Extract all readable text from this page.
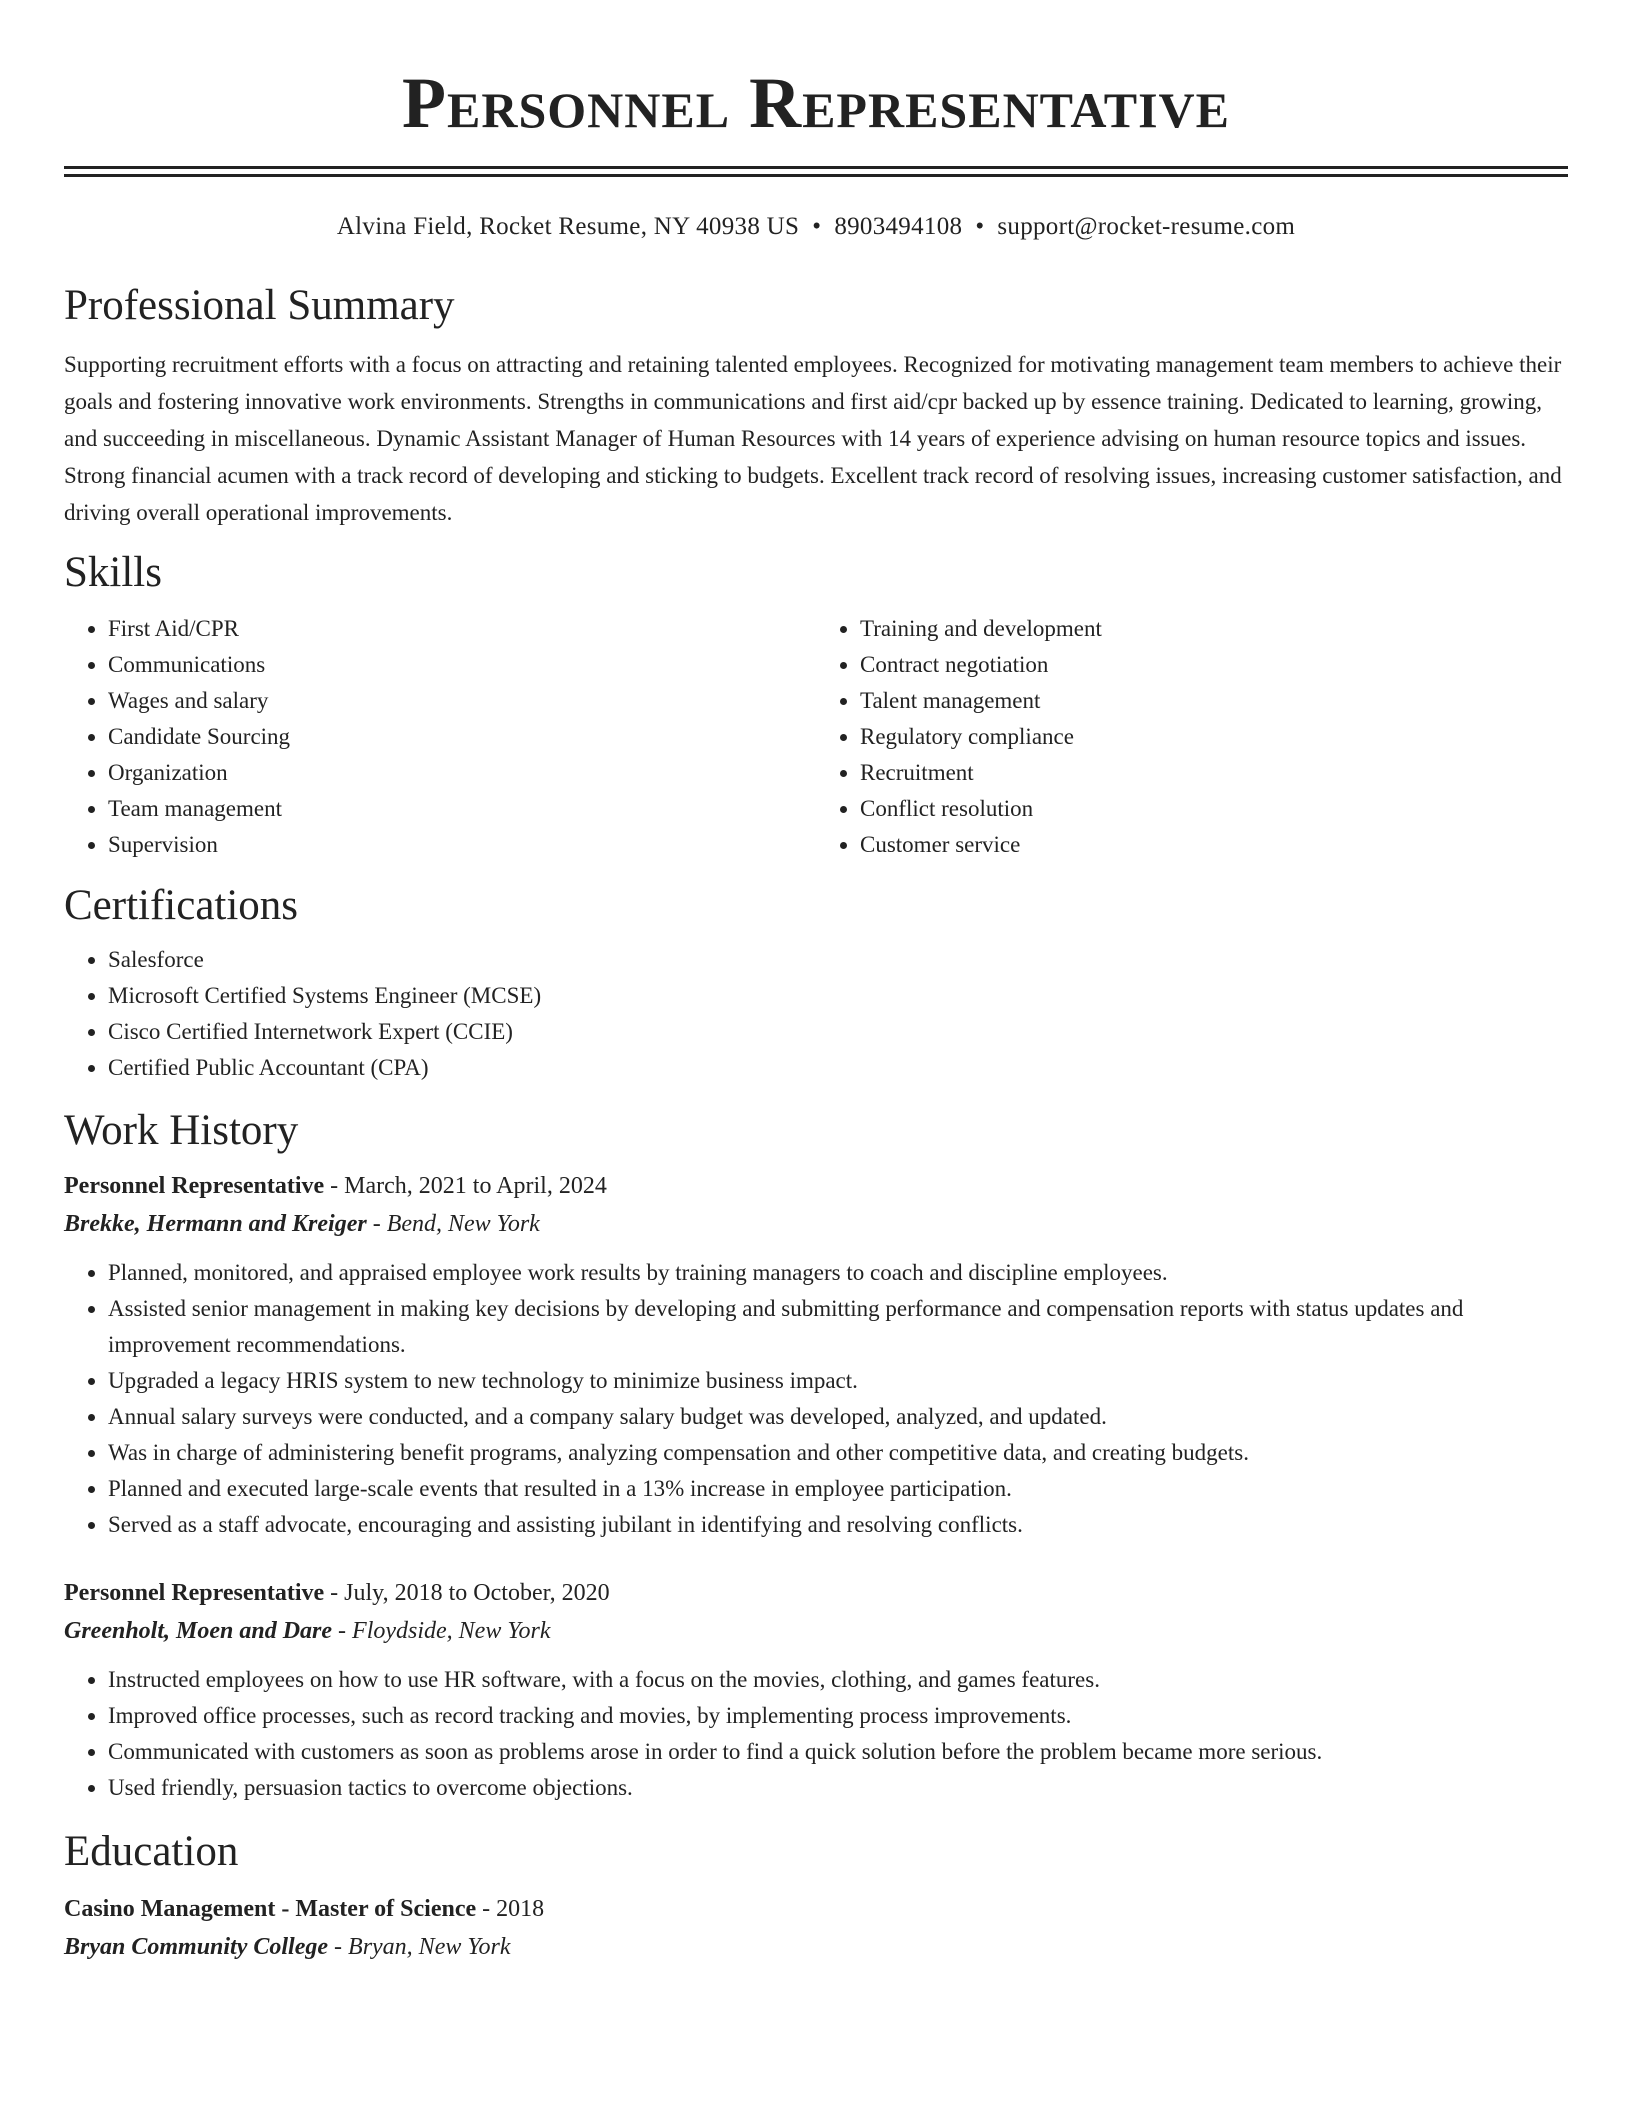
Personnel Representative
Alvina Field, Rocket Resume, NY 40938 US • 8903494108 • support@rocket-resume.com
Professional Summary

Supporting recruitment efforts with a focus on attracting and retaining talented employees. Recognized for motivating management team members to achieve their goals and fostering innovative work environments. Strengths in communications and first aid/cpr backed up by essence training. Dedicated to learning, growing, and succeeding in miscellaneous. Dynamic Assistant Manager of Human Resources with 14 years of experience advising on human resource topics and issues. Strong financial acumen with a track record of developing and sticking to budgets. Excellent track record of resolving issues, increasing customer satisfaction, and driving overall operational improvements.

Skills
• First Aid/CPR
• Communications
• Wages and salary
• Candidate Sourcing
• Organization
• Team management
• Supervision
• Training and development
• Contract negotiation
• Talent management
• Regulatory compliance
• Recruitment
• Conflict resolution
• Customer service
Certifications
• Salesforce
• Microsoft Certified Systems Engineer (MCSE)
• Cisco Certified Internetwork Expert (CCIE)
• Certified Public Accountant (CPA)
Work History
Personnel Representative - March, 2021 to April, 2024
Brekke, Hermann and Kreiger - Bend, New York
• Planned, monitored, and appraised employee work results by training managers to coach and discipline employees.
• Assisted senior management in making key decisions by developing and submitting performance and compensation reports with status updates and improvement recommendations.
• Upgraded a legacy HRIS system to new technology to minimize business impact.
• Annual salary surveys were conducted, and a company salary budget was developed, analyzed, and updated.
• Was in charge of administering benefit programs, analyzing compensation and other competitive data, and creating budgets.
• Planned and executed large-scale events that resulted in a 13% increase in employee participation.
• Served as a staff advocate, encouraging and assisting jubilant in identifying and resolving conflicts.
Personnel Representative - July, 2018 to October, 2020
Greenholt, Moen and Dare - Floydside, New York
• Instructed employees on how to use HR software, with a focus on the movies, clothing, and games features.
• Improved office processes, such as record tracking and movies, by implementing process improvements.
• Communicated with customers as soon as problems arose in order to find a quick solution before the problem became more serious.
• Used friendly, persuasion tactics to overcome objections.
Education
Casino Management - Master of Science - 2018
Bryan Community College - Bryan, New York
